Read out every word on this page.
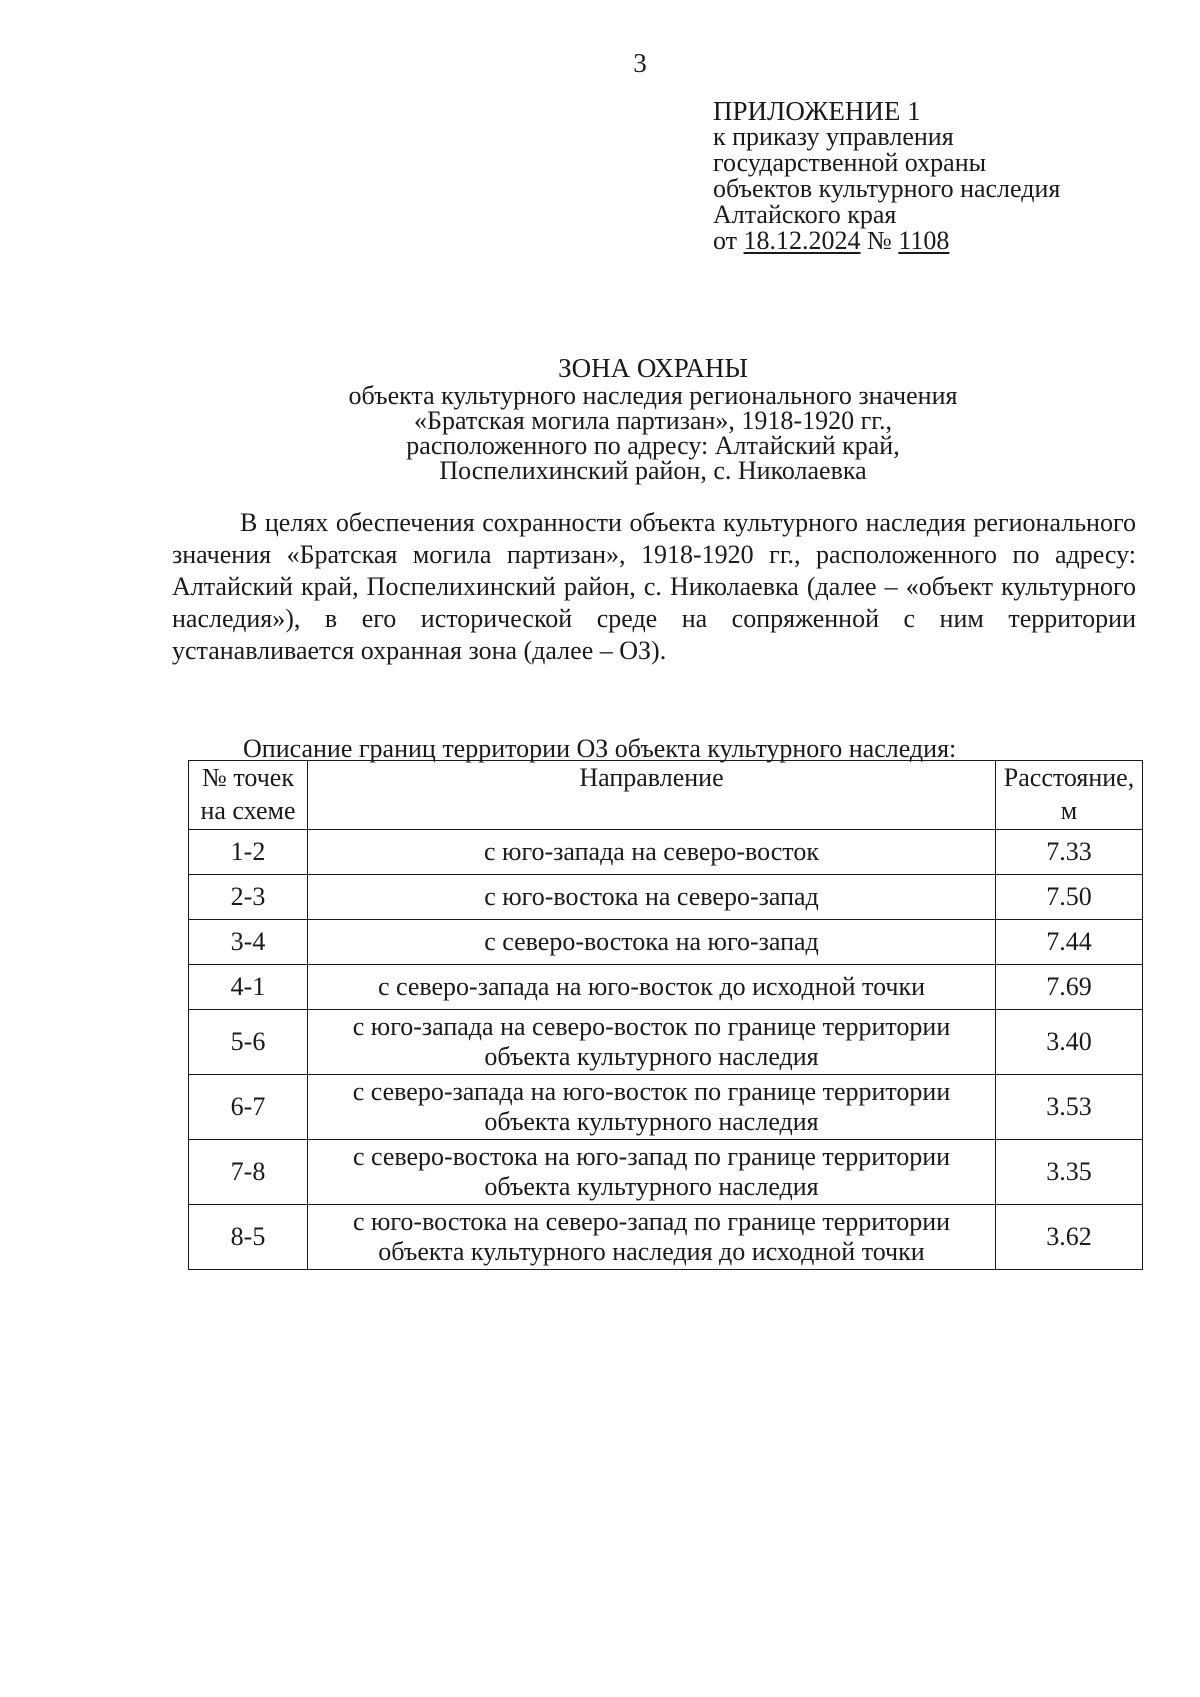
3
ПРИЛОЖЕНИЕ 1
к приказу управления
государственной охраны
объектов культурного наследия
Алтайского края
от 18.12.2024 № 1108
ЗОНА ОХРАНЫ
объекта культурного наследия регионального значения
«Братская могила партизан», 1918-1920 гг.,
расположенного по адресу: Алтайский край,
Поспелихинский район, с. Николаевка

В целях обеспечения сохранности объекта культурного наследия регионального значения «Братская могила партизан», 1918-1920 гг., расположенного по адресу: Алтайский край, Поспелихинский район, с. Николаевка (далее – «объект культурного наследия»), в его исторической среде на сопряженной с ним территории устанавливается охранная зона (далее – ОЗ).

Описание границ территории ОЗ объекта культурного наследия:
№ точек на схеме	Направление	Расстояние, м
1-2	с юго-запада на северо-восток	7.33
2-3	с юго-востока на северо-запад	7.50
3-4	с северо-востока на юго-запад	7.44
4-1	с северо-запада на юго-восток до исходной точки	7.69
5-6	с юго-запада на северо-восток по границе территории объекта культурного наследия	3.40
6-7	с северо-запада на юго-восток по границе территории объекта культурного наследия	3.53
7-8	с северо-востока на юго-запад по границе территории объекта культурного наследия	3.35
8-5	с юго-востока на северо-запад по границе территории объекта культурного наследия до исходной точки	3.62
